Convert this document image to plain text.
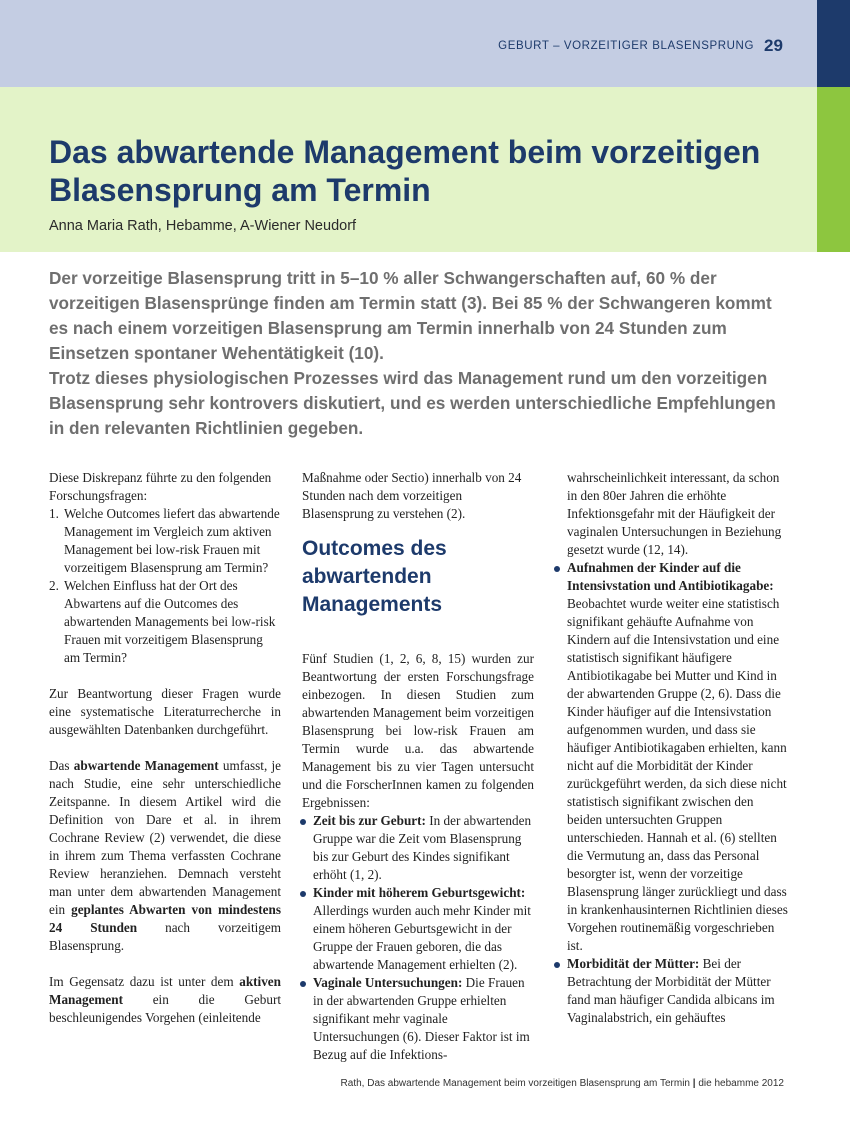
GEBURT – VORZEITIGER BLASENSPRUNG 29
Das abwartende Management beim vorzeitigen Blasensprung am Termin
Anna Maria Rath, Hebamme, A-Wiener Neudorf

Der vorzeitige Blasensprung tritt in 5–10 % aller Schwangerschaften auf, 60 % der vorzeitigen Blasensprünge finden am Termin statt (3). Bei 85 % der Schwangeren kommt es nach einem vorzeitigen Blasensprung am Termin innerhalb von 24 Stunden zum Einsetzen spontaner Wehentätigkeit (10).

Trotz dieses physiologischen Prozesses wird das Management rund um den vorzeitigen Blasensprung sehr kontrovers diskutiert, und es werden unterschiedliche Empfehlungen in den relevanten Richtlinien gegeben.

Diese Diskrepanz führte zu den folgenden Forschungsfragen:

1. Welche Outcomes liefert das abwartende Management im Vergleich zum aktiven Management bei low-risk Frauen mit vorzeitigem Blasensprung am Termin?
2. Welchen Einfluss hat der Ort des Abwartens auf die Outcomes des abwartenden Managements bei low-risk Frauen mit vorzeitigem Blasensprung am Termin?

Zur Beantwortung dieser Fragen wurde eine systematische Literaturrecherche in ausgewählten Datenbanken durchgeführt.

Das abwartende Management umfasst, je nach Studie, eine sehr unterschiedliche Zeitspanne. In diesem Artikel wird die Definition von Dare et al. in ihrem Cochrane Review (2) verwendet, die diese in ihrem zum Thema verfassten Cochrane Review heranziehen. Demnach versteht man unter dem abwartenden Management ein geplantes Abwarten von mindestens 24 Stunden nach vorzeitigem Blasensprung.

Im Gegensatz dazu ist unter dem aktiven Management ein die Geburt beschleunigendes Vorgehen (einleitende

Maßnahme oder Sectio) innerhalb von 24 Stunden nach dem vorzeitigen Blasensprung zu verstehen (2).

Outcomes des abwartenden Managements

Fünf Studien (1, 2, 6, 8, 15) wurden zur Beantwortung der ersten Forschungsfrage einbezogen. In diesen Studien zum abwartenden Management beim vorzeitigen Blasensprung bei low-risk Frauen am Termin wurde u.a. das abwartende Management bis zu vier Tagen untersucht und die ForscherInnen kamen zu folgenden Ergebnissen:

Zeit bis zur Geburt: In der abwartenden Gruppe war die Zeit vom Blasensprung bis zur Geburt des Kindes signifikant erhöht (1, 2).
Kinder mit höherem Geburtsgewicht: Allerdings wurden auch mehr Kinder mit einem höheren Geburtsgewicht in der Gruppe der Frauen geboren, die das abwartende Management erhielten (2).
Vaginale Untersuchungen: Die Frauen in der abwartenden Gruppe erhielten signifikant mehr vaginale Untersuchungen (6). Dieser Faktor ist im Bezug auf die Infektions-

wahrscheinlichkeit interessant, da schon in den 80er Jahren die erhöhte Infektionsgefahr mit der Häufigkeit der vaginalen Untersuchungen in Beziehung gesetzt wurde (12, 14).

Aufnahmen der Kinder auf die Intensivstation und Antibiotikagabe: Beobachtet wurde weiter eine statistisch signifikant gehäufte Aufnahme von Kindern auf die Intensivstation und eine statistisch signifikant häufigere Antibiotikagabe bei Mutter und Kind in der abwartenden Gruppe (2, 6). Dass die Kinder häufiger auf die Intensivstation aufgenommen wurden, und dass sie häufiger Antibiotikagaben erhielten, kann nicht auf die Morbidität der Kinder zurückgeführt werden, da sich diese nicht statistisch signifikant zwischen den beiden untersuchten Gruppen unterschieden. Hannah et al. (6) stellten die Vermutung an, dass das Personal besorgter ist, wenn der vorzeitige Blasensprung länger zurückliegt und dass in krankenhausinternen Richtlinien dieses Vorgehen routinemäßig vorgeschrieben ist.
Morbidität der Mütter: Bei der Betrachtung der Morbidität der Mütter fand man häufiger Candida albicans im Vaginalabstrich, ein gehäuftes
Rath, Das abwartende Management beim vorzeitigen Blasensprung am Termin | die hebamme 2012
